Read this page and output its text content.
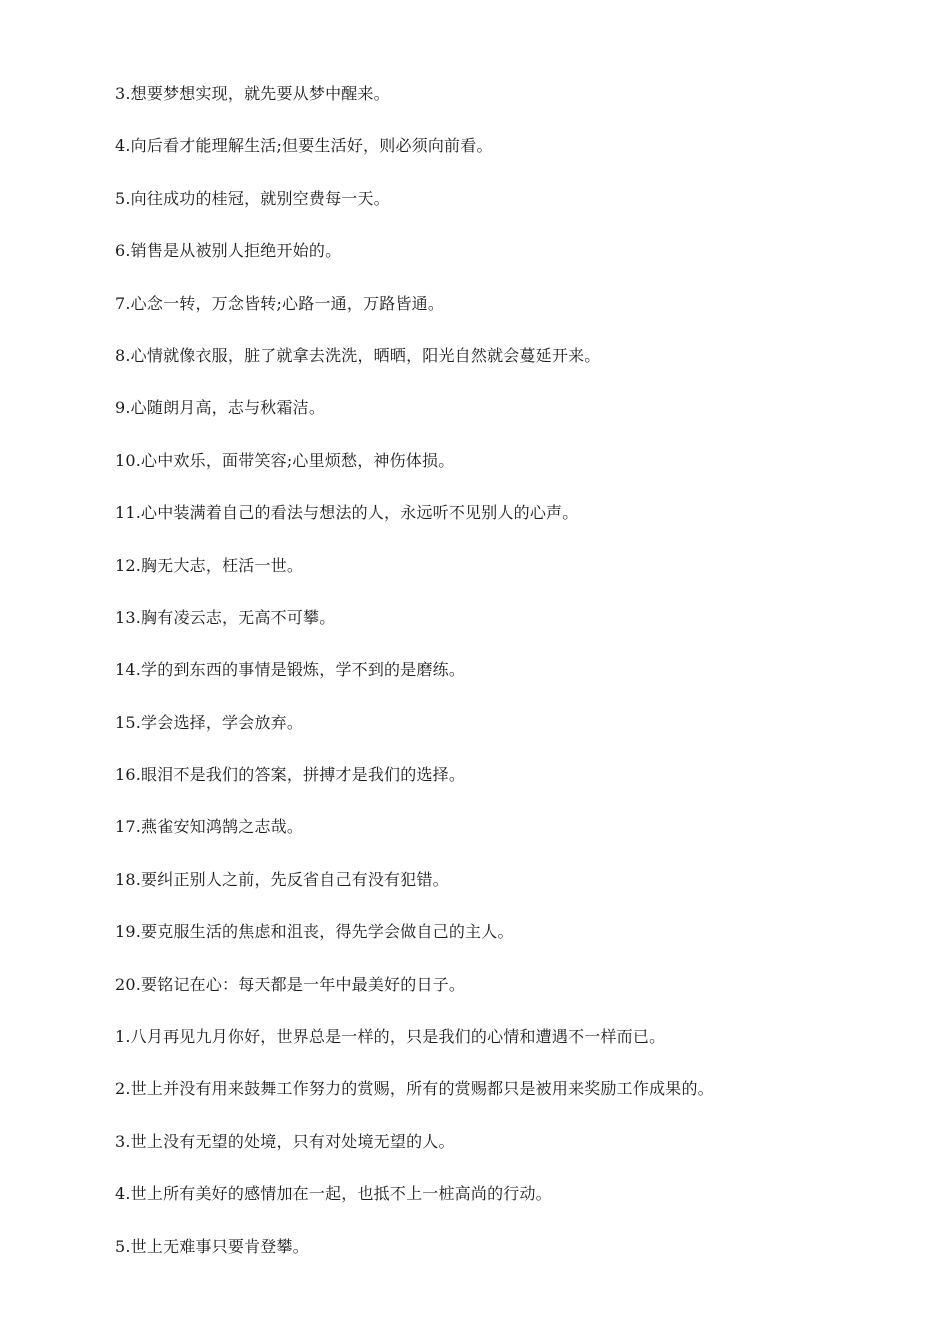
3.想要梦想实现，就先要从梦中醒来。
4.向后看才能理解生活;但要生活好，则必须向前看。
5.向往成功的桂冠，就别空费每一天。
6.销售是从被别人拒绝开始的。
7.心念一转，万念皆转;心路一通，万路皆通。
8.心情就像衣服，脏了就拿去洗洗，晒晒，阳光自然就会蔓延开来。
9.心随朗月高，志与秋霜洁。
10.心中欢乐，面带笑容;心里烦愁，神伤体损。
11.心中装满着自己的看法与想法的人，永远听不见别人的心声。
12.胸无大志，枉活一世。
13.胸有凌云志，无高不可攀。
14.学的到东西的事情是锻炼，学不到的是磨练。
15.学会选择，学会放弃。
16.眼泪不是我们的答案，拼搏才是我们的选择。
17.燕雀安知鸿鹄之志哉。
18.要纠正别人之前，先反省自己有没有犯错。
19.要克服生活的焦虑和沮丧，得先学会做自己的主人。
20.要铭记在心：每天都是一年中最美好的日子。
1.八月再见九月你好，世界总是一样的，只是我们的心情和遭遇不一样而已。
2.世上并没有用来鼓舞工作努力的赏赐，所有的赏赐都只是被用来奖励工作成果的。
3.世上没有无望的处境，只有对处境无望的人。
4.世上所有美好的感情加在一起，也抵不上一桩高尚的行动。
5.世上无难事只要肯登攀。
